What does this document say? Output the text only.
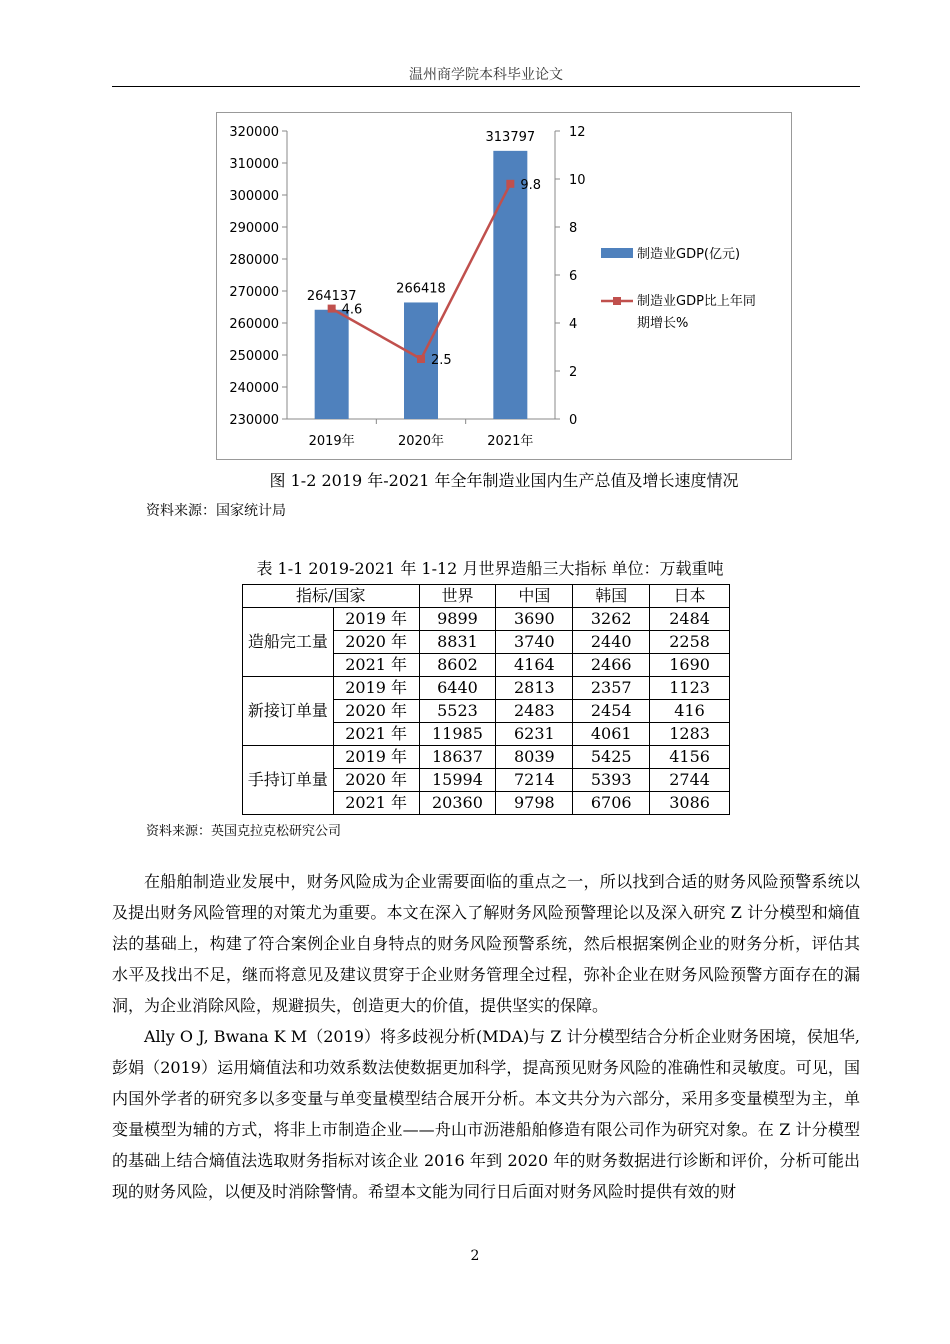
温州商学院本科毕业论文
320000
310000
300000
290000
280000
270000
260000
250000
240000
230000
12
10
8
6
4
2
0
2019年
264137
2020年
266418
2021年
313797
4.6
2.5
9.8
制造业GDP(亿元)
制造业GDP比上年同
期增长%
图 1-2 2019 年-2021 年全年制造业国内生产总值及增长速度情况
资料来源：国家统计局
表 1-1 2019-2021 年 1-12 月世界造船三大指标 单位：万载重吨
指标/国家		世界	中国	韩国	日本
造船完工量	2019 年	9899	3690	3262	2484
	2020 年	8831	3740	2440	2258
	2021 年	8602	4164	2466	1690
新接订单量	2019 年	6440	2813	2357	1123
	2020 年	5523	2483	2454	416
	2021 年	11985	6231	4061	1283
手持订单量	2019 年	18637	8039	5425	4156
	2020 年	15994	7214	5393	2744
	2021 年	20360	9798	6706	3086
资料来源：英国克拉克松研究公司

在船舶制造业发展中，财务风险成为企业需要面临的重点之一，所以找到合适的财务风险预警系统以及提出财务风险管理的对策尤为重要。本文在深入了解财务风险预警理论以及深入研究 Z 计分模型和熵值法的基础上，构建了符合案例企业自身特点的财务风险预警系统，然后根据案例企业的财务分析，评估其水平及找出不足，继而将意见及建议贯穿于企业财务管理全过程，弥补企业在财务风险预警方面存在的漏洞，为企业消除风险，规避损失，创造更大的价值，提供坚实的保障。

Ally O J, Bwana K M（2019）将多歧视分析(MDA)与 Z 计分模型结合分析企业财务困境，侯旭华,彭娟（2019）运用熵值法和功效系数法使数据更加科学，提高预见财务风险的准确性和灵敏度。可见，国内国外学者的研究多以多变量与单变量模型结合展开分析。本文共分为六部分，采用多变量模型为主，单变量模型为辅的方式，将非上市制造企业——舟山市沥港船舶修造有限公司作为研究对象。在 Z 计分模型的基础上结合熵值法选取财务指标对该企业 2016 年到 2020 年的财务数据进行诊断和评价，分析可能出现的财务风险，以便及时消除警情。希望本文能为同行日后面对财务风险时提供有效的财

2
